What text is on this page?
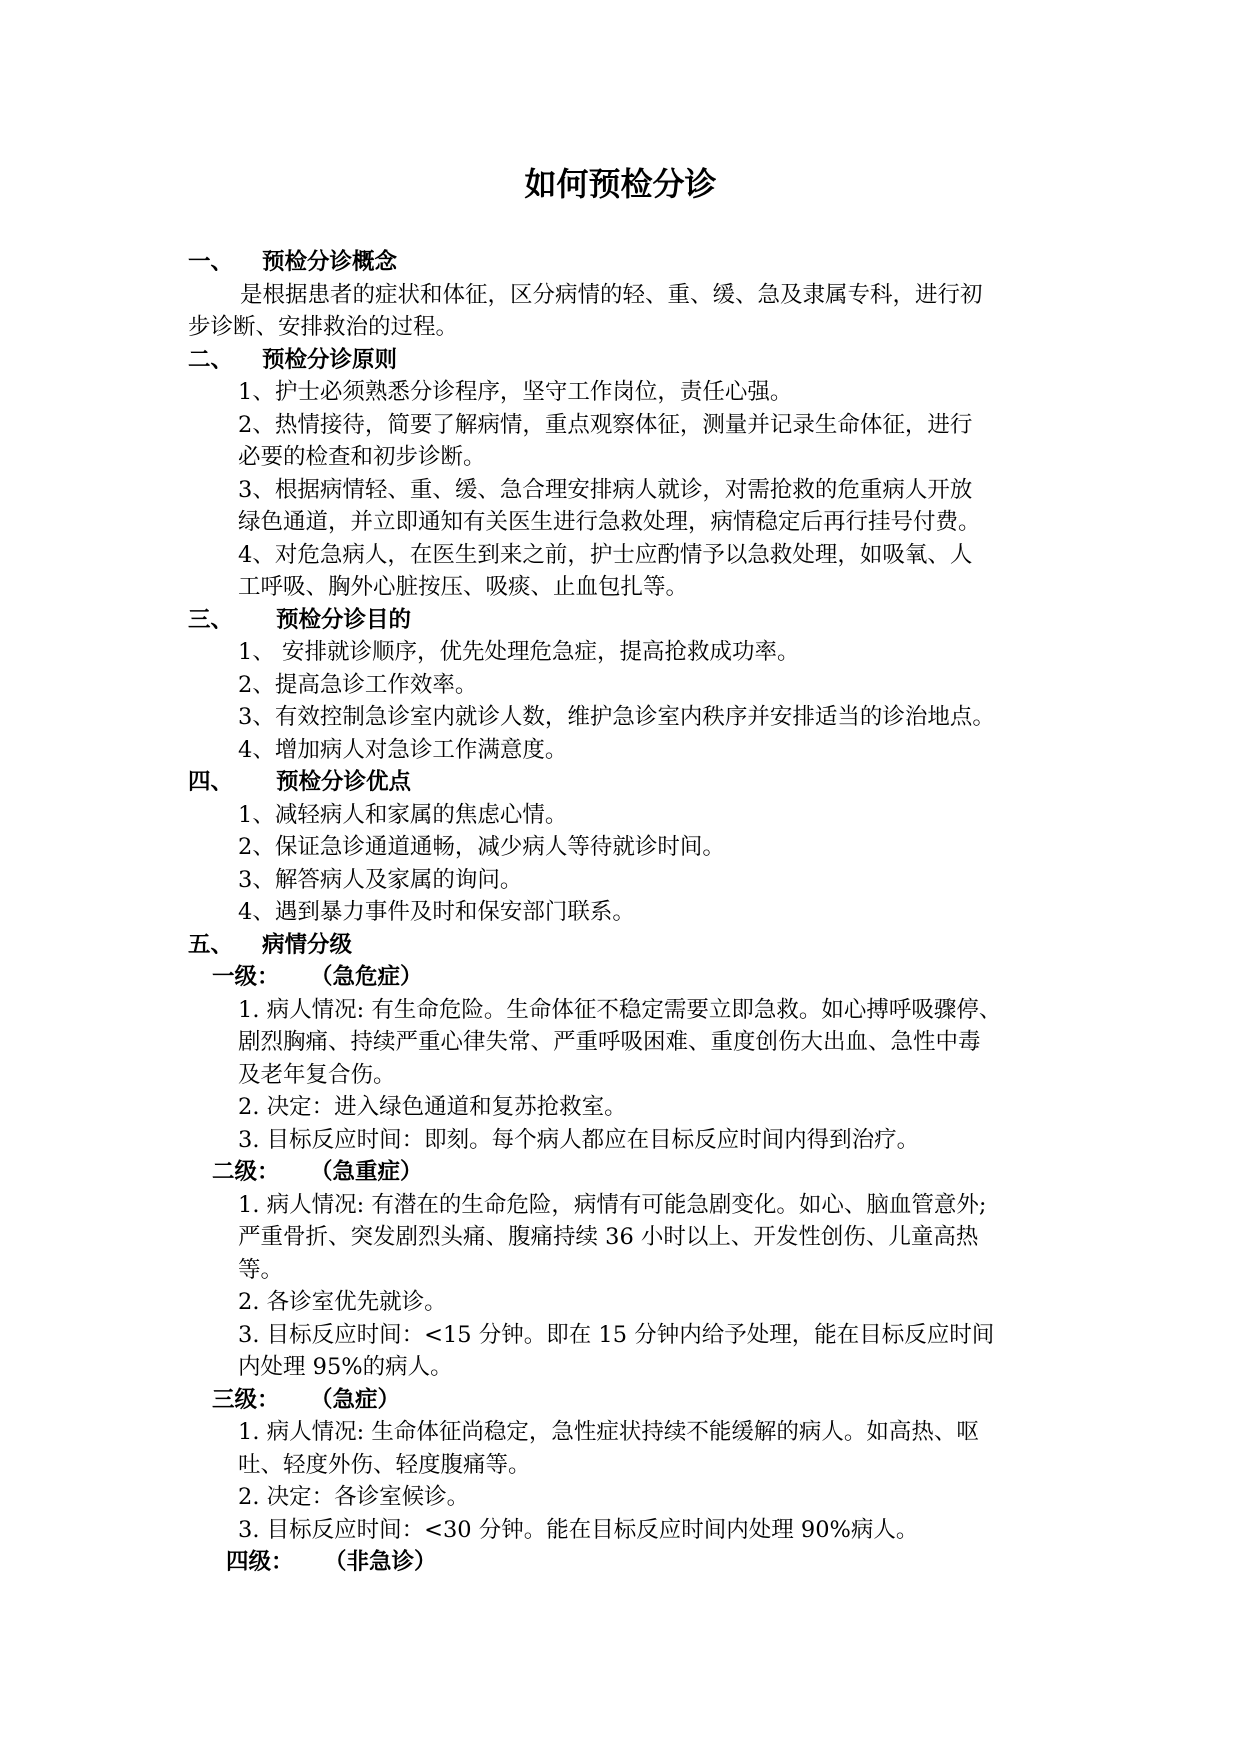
如何预检分诊
一、 预检分诊概念
是根据患者的症状和体征，区分病情的轻、重、缓、急及隶属专科，进行初
步诊断、安排救治的过程。
二、 预检分诊原则
1、护士必须熟悉分诊程序，坚守工作岗位，责任心强。
2、热情接待，简要了解病情，重点观察体征，测量并记录生命体征，进行
必要的检查和初步诊断。
3、根据病情轻、重、缓、急合理安排病人就诊，对需抢救的危重病人开放
绿色通道，并立即通知有关医生进行急救处理，病情稳定后再行挂号付费。
4、对危急病人，在医生到来之前，护士应酌情予以急救处理，如吸氧、人
工呼吸、胸外心脏按压、吸痰、止血包扎等。
三、 预检分诊目的
1、 安排就诊顺序，优先处理危急症，提高抢救成功率。
2、提高急诊工作效率。
3、有效控制急诊室内就诊人数，维护急诊室内秩序并安排适当的诊治地点。
4、增加病人对急诊工作满意度。
四、 预检分诊优点
1、减轻病人和家属的焦虑心情。
2、保证急诊通道通畅，减少病人等待就诊时间。
3、解答病人及家属的询问。
4、遇到暴力事件及时和保安部门联系。
五、 病情分级
一级： （急危症）
1. 病人情况: 有生命危险。生命体征不稳定需要立即急救。如心搏呼吸骤停、
剧烈胸痛、持续严重心律失常、严重呼吸困难、重度创伤大出血、急性中毒
及老年复合伤。
2. 决定：进入绿色通道和复苏抢救室。
3. 目标反应时间：即刻。每个病人都应在目标反应时间内得到治疗。
二级： （急重症）
1. 病人情况: 有潜在的生命危险，病情有可能急剧变化。如心、脑血管意外;
严重骨折、突发剧烈头痛、腹痛持续 36 小时以上、开发性创伤、儿童高热
等。
2. 各诊室优先就诊。
3. 目标反应时间：<15 分钟。即在 15 分钟内给予处理，能在目标反应时间
内处理 95%的病人。
三级： （急症）
1. 病人情况: 生命体征尚稳定，急性症状持续不能缓解的病人。如高热、呕
吐、轻度外伤、轻度腹痛等。
2. 决定：各诊室候诊。
3. 目标反应时间：<30 分钟。能在目标反应时间内处理 90%病人。
四级： （非急诊）
